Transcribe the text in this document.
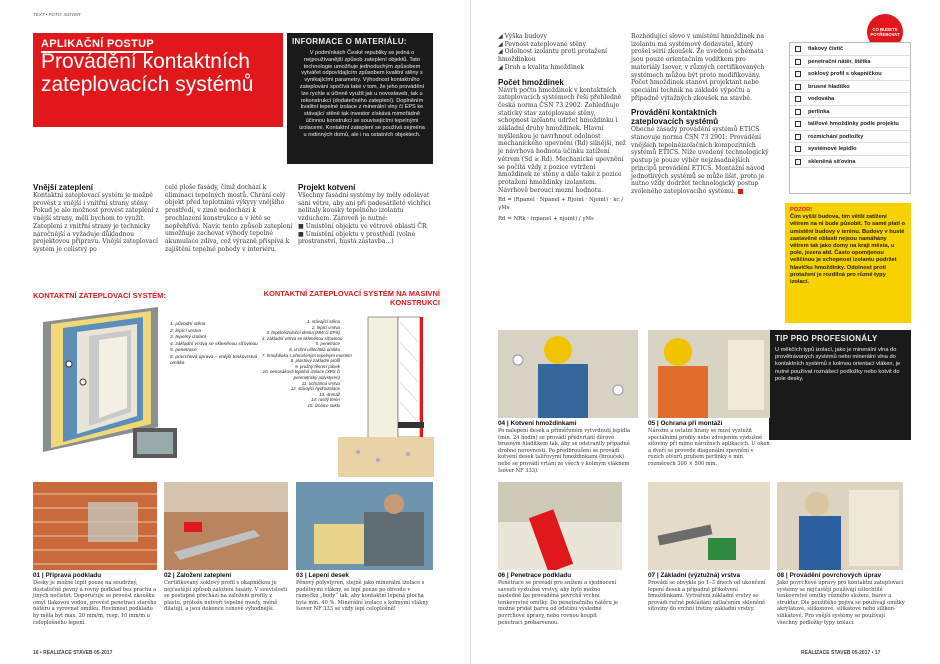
TEXT • FOTO: ISOVER
APLIKAČNÍ POSTUP
Provádění kontaktních zateplovacích systémů
INFORMACE O MATERIÁLU:
V podmínkách České republiky se jedná o nejpoužívanější způsob zateplení objektů. Tato technologie umožňuje jednoduchým způsobem vytvářet odpovídajícím způsobem kvalitní stěny s vynikajícími parametry. Výhodnost kontaktního zateplování spočívá také v tom, že jeho provádění lze rychle a účinně využít jak u novostaveb, tak u rekonstrukcí (dodatečného zateplení). Doplněním kvalitní tepelné izolace z minerální vlny či EPS ke stávající stěně tak investor získává mimořádně účinnou konstrukci se souvisejícími tepelnými izolacemi. Kontaktní zateplení se používá zejména u rodinných domů, ale i na ostatních objektech.
Vnější zateplení
Kontaktní zateplovací systém je možné provést z vnější i vnitřní strany stěny. Pokud je ale možnost provést zateplení z vnější strany, měli bychom to využít. Zateplení z vnitřní strany je technicky náročnější a vyžaduje důkladnou projektovou přípravu. Vnější zateplovací systém je celistvý po
celé ploše fasády, čímž dochází k eliminaci tepelných mostů. Chrání celý objekt před teplotními výkyvy vnějšího prostředí, v zimě nedochází k prochlazení konstrukce a v létě se nepřehřívá. Navíc tento způsob zateplení umožňuje zachovat výhody tepelné akumulace zdiva, což výrazně přispívá k zajištění tepelné pohody v interiéru.
Projekt kotvení
Všechny fasádní systémy by měly odolávat sání větru, aby ani při padesátileté vichřici nelítaly kousky tepelného izolantu vzduchem. Zároveň je nutné:
■ Umístění objektu ve větrové oblasti ČR
■ Umístění objektu v prostředí (volné prostranství, hustá zástavba...)
KONTAKTNÍ ZATEPLOVACÍ SYSTÉM:	KONTAKTNÍ ZATEPLOVACÍ SYSTÉM NA MASIVNÍ KONSTRUKCI
1. původní stěna
2. lepící vrstva
3. tepelný izolant
4. základní vrstva se skleněnou síťovinou
5. penetrace
6. povrchová úprava – vnější tenkovrstvá omítka
1. stávající stěna
2. lepicí vrstva
3. tepelněizolační deska (MW či EPS)
4. základní vrstva se skleněnou síťovinou
5. penetrace
6. vrchní ušlechtilá omítka
7. hmoždinka s přerušeným tepelným mostem
8. plastový základní profil
9. pružný těsnicí pásek
10. nenasákavá tepelná izolace (XPS či perimetrický polystyren)
11. ochranná vrstva
12. stávající hydroizolace
13. drenáž
14. rostlý terén
15. izolace soklu
01 | Příprava podkladu
Desky je možné lepit pouze na soudržný, dostatečně pevný a rovný podklad bez prachu a jiných nečistot. Doporučuje se provést zkoušku omýt tlakovou vodou, provést penetraci starého nátěru a vyrovnat omítku. Rovinnost podkladu by měla být max. 20 mm/m, resp. 10 mm/m u celoplošného lepení.
02 | Založení zateplení
Certifikovaný soklový profil s okapničkou je nejčastější způsob založení fasády. V souvislosti se postupně přechází na založení profily z plastu, protože netvoří tepelné mosty, méně dilatují, a jsou dokonce cenově výhodnější.
03 | Lepení desek
Pěnový polystyren, stejně jako minerální izolace s podélnými vlákny, se lepí pouze po obvodu v rámečku „body“ tak, aby kontaktní lepená plocha byla min. 40 %. Minerální izolace s kolmými vlákny Isover NF 333 se vždy lepí celoplošně!
16 • REALIZACE STAVEB 05-2017
◢ Výška budovy
◢ Pevnost zateplované stěny
◢ Odolnost izolantu proti protažení hmoždinkou
◢ Druh a kvalita hmoždinek
Počet hmoždinek
Návrh počtu hmoždinek v kontaktních zateplovacích systémech řeší přehledně česká norma ČSN 73 2902. Zohledňuje statický stav zateplované stěny, schopnost izolantu udržet hmoždinku i základní druhy hmoždinek. Hlavní myšlenkou je navrhnout odolnost mechanického upevnění (Rd) silnější, než je návrhová hodnota účinku zatížení větrem (Sd ≥ Rd). Mechanické upevnění se počítá vždy z pozice vytržení hmoždinek ze stěny a dále také z pozice protažení hmoždinky izolantem. Návrhově beroucí mezní hodnotu.
Rd = (Rpanel · Npanel + Rjoint · Njoint) · kc / γMs
Rd = NRk · (npanel + njoint) / γMs
Rozhodující slovo v umístění hmoždinek na izolantu má systémový dodavatel, který prošel sérií zkoušek. Ze uvedená schémata jsou pouze orientačním vodítkem pro materiály Isover, v různých certifikovaných systémech můžou být proto modifikovány. Počet hmoždinek stanoví projektant nebo speciální technik na základě výpočtu a připadně výtažných zkoušek na stavbě.
Provádění kontaktních zateplovacích systémů
Obecné zásady provádění systémů ETICS stanovuje norma ČSN 73 2901: Provádění vnějších tepelněizolačních kompozitních systémů ETICS. Níže uvedený technologický postup je pouze výběr nejzásadnějších principů provádění ETICS. Montážní návod jednotlivých systémů se může lišit, proto je nutno vždy dodržet technologický postup zvoleného zateplovacího systému.
CO BUDETE POTŘEBOVAT
tlakový čistič
penetrační nátěr, štětka
soklový profil s okapničkou
brusné hladítko
vodováha
perlinka
talířové hmoždinky podle projektu
rozmíchání podložky
systémové lepidlo
skleněná síťovina
POZOR!
Čím vyšší budova, tím větší zatížení větrem na ni bude působit. To samé platí o umístění budovy v terénu. Budovy v husté zastavěné oblasti nejsou namáhány větrem tak jako domy na kraji města, u pole, jezera atd. Často opomíjenou veličinou je schopnost izolantu podržet hlavičku hmoždinky. Odolnost proti protažení je rozdílná pro různé typy izolací.
TIP PRO PROFESIONÁLY
U měkčích typů izolací, jako je minerální vlna do provětrávaných systémů nebo minerální vlna do kontaktních systémů s kolmou orientací vláken, je nutné používat roznášecí podložky nebo kotvit do pole desky.
04 | Kotvení hmoždinkami
Po nalepení desek a přiměřeném vytvrdnutí lepidla (min. 24 hodin) se provádí předvrtání děrové brusným hladítkem tak, aby se odstranily případné drobné nerovnosti. Po předbroušení se provádí kotvení desek talířovými hmoždinkami (brouček) nebo se provádí vrtání ze všech v kolmým vláknem Isover NF 333).
05 | Ochrana při montáži
Nárožní a ostatní hrany se musí vyztužit speciálními profily nebo zdvojením výztužné síťoviny při mimo nárožních aplikacích. U oken a dveří se provede diagonální zpevnění v rozích otvorů pruhem perlinky o min. rozměrech 300 × 500 mm.
06 | Penetrace podkladu
Penetrace se provádí pro snížení a sjednocení savosti výztužné vrstvy, aby bylo možno následně lze prováděná povrchů vrchní tenkovrstvé omítky. Do penetračního nátěru je možné přidat barvu od odstínu výsledné povrchové úpravy, nebo rovnou koupit penetraci probarvenou.
07 | Základní (výztužná) vrstva
Provádí se obvykle po 1–3 dnech od ukončení lepení desek a případně přikotvení hmoždinkami. Vytváření základní vrstvy se provádí ručně pokládání zatlačením skleněné síťoviny do vrchní třetiny základní vrstvy.
08 | Provádění povrchových úprav
Jako povrchové úpravy pro kontaktní zateplovací systémy se nejčastěji používají ušlechtilé tenkovrstvé omítky různého složení, barev a struktur. Dle použitého pojiva se používají omítky akrylátové, silikonové, silikátové nebo silikon-silikátové. Pro vnější systémy se používají všechny podložky typy izolací.
REALIZACE STAVEB 05-2017 • 17
